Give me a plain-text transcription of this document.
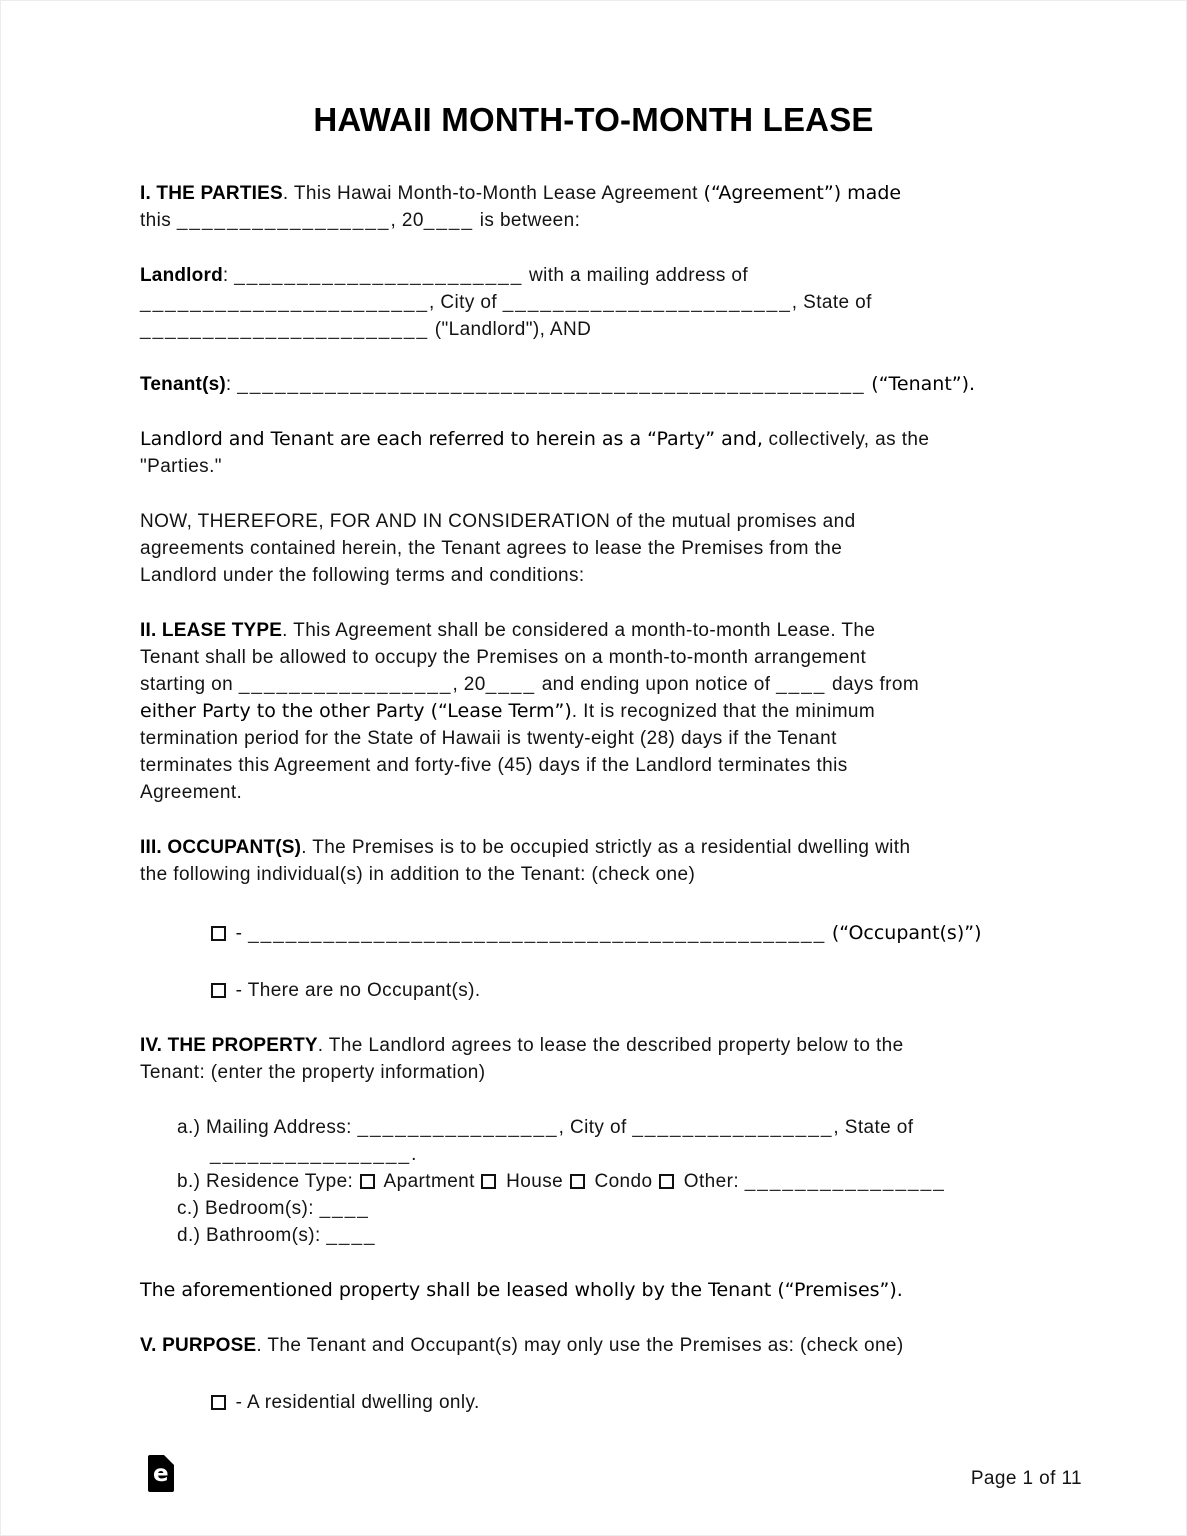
HAWAII MONTH-TO-MONTH LEASE
I. THE PARTIES. This Hawai Month-to-Month Lease Agreement (“Agreement”) made
this _________________, 20____ is between:
Landlord: _______________________ with a mailing address of
_______________________, City of _______________________, State of
_______________________ ("Landlord"), AND
Tenant(s): __________________________________________________ (“Tenant”).
Landlord and Tenant are each referred to herein as a “Party” and, collectively, as the
"Parties."
NOW, THEREFORE, FOR AND IN CONSIDERATION of the mutual promises and
agreements contained herein, the Tenant agrees to lease the Premises from the
Landlord under the following terms and conditions:
II. LEASE TYPE. This Agreement shall be considered a month-to-month Lease. The
Tenant shall be allowed to occupy the Premises on a month-to-month arrangement
starting on _________________, 20____ and ending upon notice of ____ days from
either Party to the other Party (“Lease Term”). It is recognized that the minimum
termination period for the State of Hawaii is twenty-eight (28) days if the Tenant
terminates this Agreement and forty-five (45) days if the Landlord terminates this
Agreement.
III. OCCUPANT(S). The Premises is to be occupied strictly as a residential dwelling with
the following individual(s) in addition to the Tenant: (check one)
- ______________________________________________ (“Occupant(s)”)
- There are no Occupant(s).
IV. THE PROPERTY. The Landlord agrees to lease the described property below to the
Tenant: (enter the property information)
a.) Mailing Address: ________________, City of ________________, State of
________________.
b.) Residence Type:  Apartment  House  Condo  Other: ________________
c.) Bedroom(s): ____
d.) Bathroom(s): ____
The aforementioned property shall be leased wholly by the Tenant (“Premises”).
V. PURPOSE. The Tenant and Occupant(s) may only use the Premises as: (check one)
- A residential dwelling only.
e	Page 1 of 11
